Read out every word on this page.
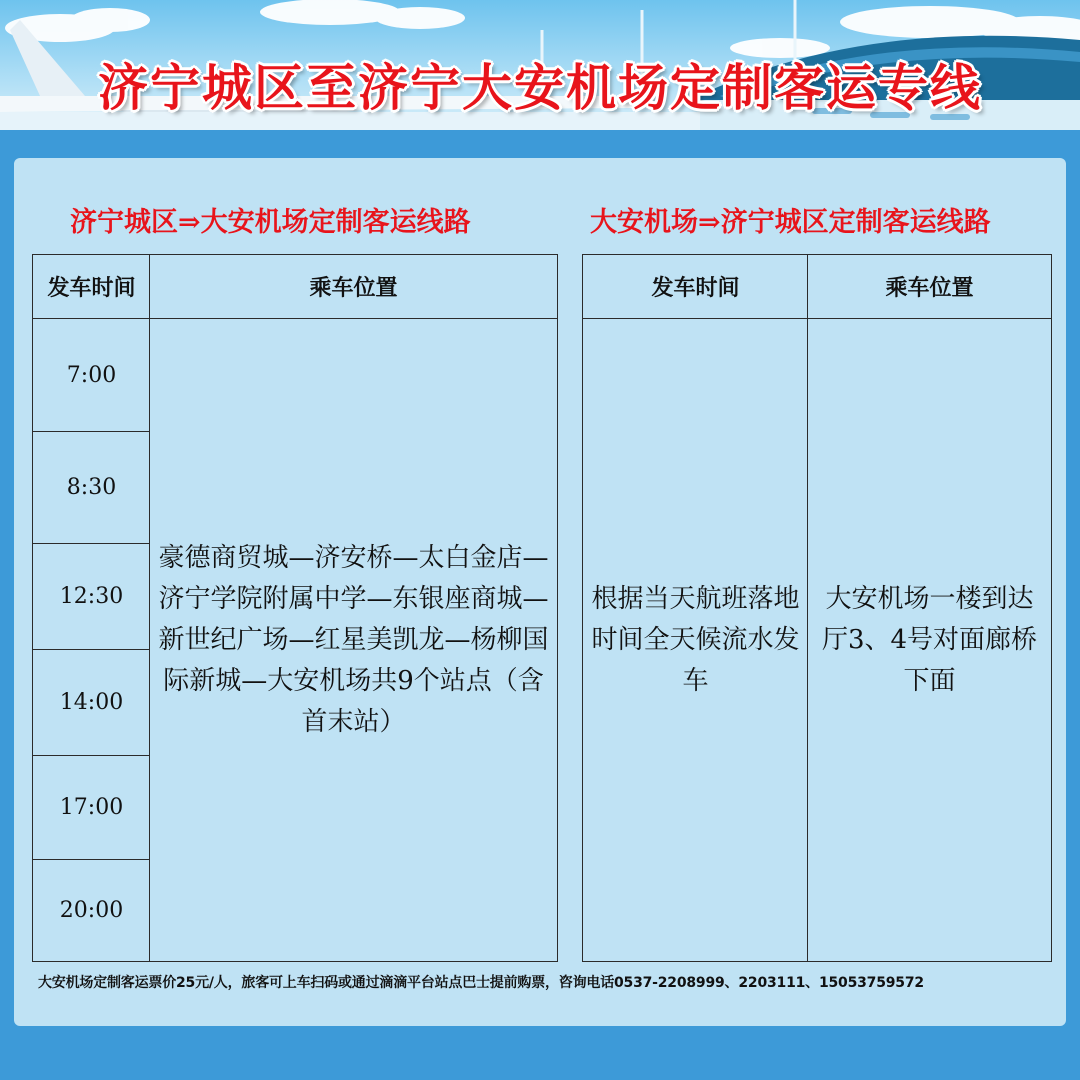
济宁城区至济宁大安机场定制客运专线
济宁城区⇒大安机场定制客运线路	大安机场⇒济宁城区定制客运线路
发车时间	乘车位置
7:00
8:30
12:30
14:00
17:00
20:00
豪德商贸城—济安桥—太白金店—济宁学院附属中学—东银座商城—新世纪广场—红星美凯龙—杨柳国际新城—大安机场共9个站点（含首末站）
发车时间	乘车位置
根据当天航班落地时间全天候流水发车
大安机场一楼到达厅3、4号对面廊桥下面
大安机场定制客运票价25元/人，旅客可上车扫码或通过滴滴平台站点巴士提前购票，咨询电话0537-2208999、2203111、15053759572
